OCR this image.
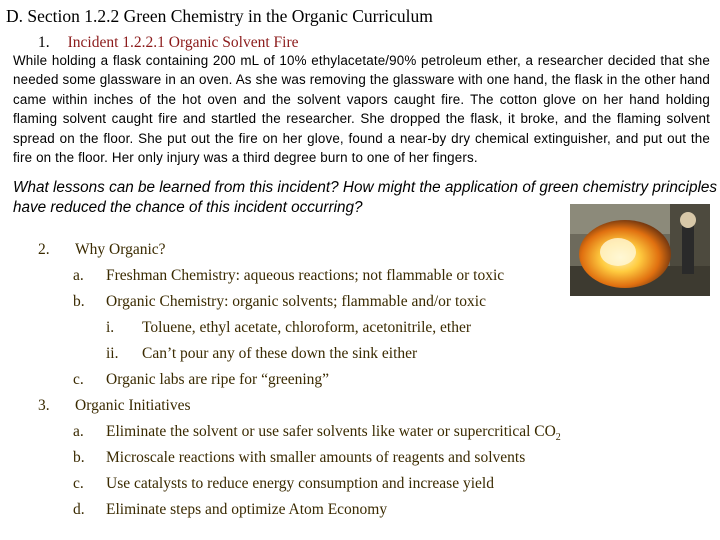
D. Section 1.2.2 Green Chemistry in the Organic Curriculum
1. Incident 1.2.2.1 Organic Solvent Fire
While holding a flask containing 200 mL of 10% ethylacetate/90% petroleum ether, a researcher decided that she needed some glassware in an oven. As she was removing the glassware with one hand, the flask in the other hand came within inches of the hot oven and the solvent vapors caught fire. The cotton glove on her hand holding flaming solvent caught fire and startled the researcher. She dropped the flask, it broke, and the flaming solvent spread on the floor. She put out the fire on her glove, found a near-by dry chemical extinguisher, and put out the fire on the floor. Her only injury was a third degree burn to one of her fingers.
What lessons can be learned from this incident? How might the application of green chemistry principles have reduced the chance of this incident occurring?
2. Why Organic?
a. Freshman Chemistry: aqueous reactions; not flammable or toxic
b. Organic Chemistry: organic solvents; flammable and/or toxic
i. Toluene, ethyl acetate, chloroform, acetonitrile, ether
ii. Can’t pour any of these down the sink either
c. Organic labs are ripe for “greening”
3. Organic Initiatives
a. Eliminate the solvent or use safer solvents like water or supercritical $CO_2$
b. Microscale reactions with smaller amounts of reagents and solvents
c. Use catalysts to reduce energy consumption and increase yield
d. Eliminate steps and optimize Atom Economy
